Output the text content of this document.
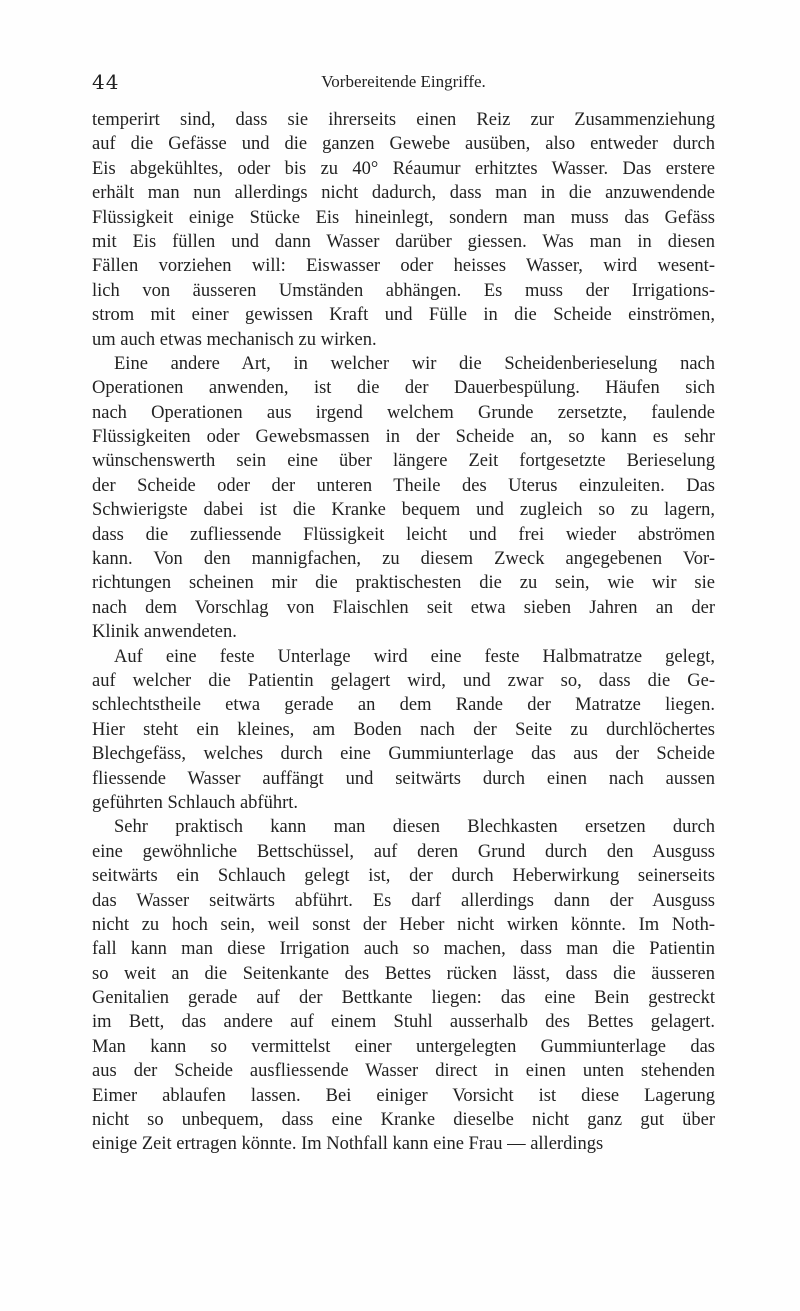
44	Vorbereitende Eingriffe.
temperirt sind, dass sie ihrerseits einen Reiz zur Zusammenziehung
auf die Gefässe und die ganzen Gewebe ausüben, also entweder durch
Eis abgekühltes, oder bis zu 40° Réaumur erhitztes Wasser. Das erstere
erhält man nun allerdings nicht dadurch, dass man in die anzuwendende
Flüssigkeit einige Stücke Eis hineinlegt, sondern man muss das Gefäss
mit Eis füllen und dann Wasser darüber giessen. Was man in diesen
Fällen vorziehen will: Eiswasser oder heisses Wasser, wird wesent-
lich von äusseren Umständen abhängen. Es muss der Irrigations-
strom mit einer gewissen Kraft und Fülle in die Scheide einströmen,
um auch etwas mechanisch zu wirken.
Eine andere Art, in welcher wir die Scheidenberieselung nach
Operationen anwenden, ist die der Dauerbespülung. Häufen sich
nach Operationen aus irgend welchem Grunde zersetzte, faulende
Flüssigkeiten oder Gewebsmassen in der Scheide an, so kann es sehr
wünschenswerth sein eine über längere Zeit fortgesetzte Berieselung
der Scheide oder der unteren Theile des Uterus einzuleiten. Das
Schwierigste dabei ist die Kranke bequem und zugleich so zu lagern,
dass die zufliessende Flüssigkeit leicht und frei wieder abströmen
kann. Von den mannigfachen, zu diesem Zweck angegebenen Vor-
richtungen scheinen mir die praktischesten die zu sein, wie wir sie
nach dem Vorschlag von Flaischlen seit etwa sieben Jahren an der
Klinik anwendeten.
Auf eine feste Unterlage wird eine feste Halbmatratze gelegt,
auf welcher die Patientin gelagert wird, und zwar so, dass die Ge-
schlechtstheile etwa gerade an dem Rande der Matratze liegen.
Hier steht ein kleines, am Boden nach der Seite zu durchlöchertes
Blechgefäss, welches durch eine Gummiunterlage das aus der Scheide
fliessende Wasser auffängt und seitwärts durch einen nach aussen
geführten Schlauch abführt.
Sehr praktisch kann man diesen Blechkasten ersetzen durch
eine gewöhnliche Bettschüssel, auf deren Grund durch den Ausguss
seitwärts ein Schlauch gelegt ist, der durch Heberwirkung seinerseits
das Wasser seitwärts abführt. Es darf allerdings dann der Ausguss
nicht zu hoch sein, weil sonst der Heber nicht wirken könnte. Im Noth-
fall kann man diese Irrigation auch so machen, dass man die Patientin
so weit an die Seitenkante des Bettes rücken lässt, dass die äusseren
Genitalien gerade auf der Bettkante liegen: das eine Bein gestreckt
im Bett, das andere auf einem Stuhl ausserhalb des Bettes gelagert.
Man kann so vermittelst einer untergelegten Gummiunterlage das
aus der Scheide ausfliessende Wasser direct in einen unten stehenden
Eimer ablaufen lassen. Bei einiger Vorsicht ist diese Lagerung
nicht so unbequem, dass eine Kranke dieselbe nicht ganz gut über
einige Zeit ertragen könnte. Im Nothfall kann eine Frau — allerdings
